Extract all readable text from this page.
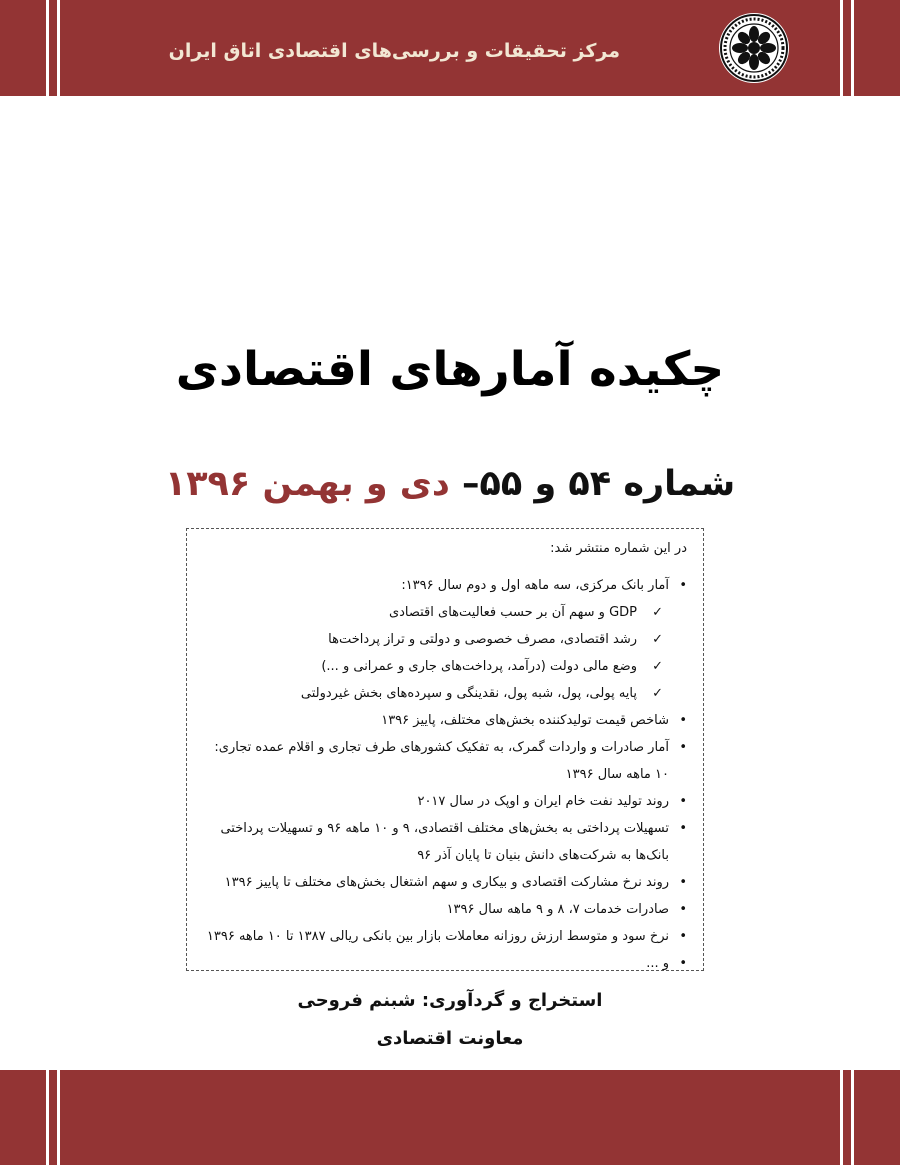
مرکز تحقیقات و بررسی‌های اقتصادی اتاق ایران
چکیده آمارهای اقتصادی
شماره ۵۴ و ۵۵– دی و بهمن ۱۳۹۶
در این شماره منتشر شد:
• آمار بانک مرکزی، سه ماهه اول و دوم سال ۱۳۹۶:
✓
GDP و سهم آن بر حسب فعالیت‌های اقتصادی
✓
رشد اقتصادی، مصرف خصوصی و دولتی و تراز پرداخت‌ها
✓
وضع مالی دولت (درآمد، پرداخت‌های جاری و عمرانی و ...)
✓
پایه پولی، پول، شبه پول، نقدینگی و سپرده‌های بخش غیردولتی
• شاخص قیمت تولیدکننده بخش‌های مختلف، پاییز ۱۳۹۶
• آمار صادرات و واردات گمرک، به تفکیک کشورهای طرف تجاری و اقلام عمده تجاری: ۱۰ ماهه سال ۱۳۹۶
• روند تولید نفت خام ایران و اوپک در سال ۲۰۱۷
• تسهیلات پرداختی به بخش‌های مختلف اقتصادی، ۹ و ۱۰ ماهه ۹۶ و تسهیلات پرداختی بانک‌ها به شرکت‌های دانش بنیان تا پایان آذر ۹۶
• روند نرخ مشارکت اقتصادی و بیکاری و سهم اشتغال بخش‌های مختلف تا پاییز ۱۳۹۶
• صادرات خدمات ۷، ۸ و ۹ ماهه سال ۱۳۹۶
• نرخ سود و متوسط ارزش روزانه معاملات بازار بین بانکی ریالی ۱۳۸۷ تا ۱۰ ماهه ۱۳۹۶
• و ...
استخراج و گردآوری: شبنم فروحی
معاونت اقتصادی
